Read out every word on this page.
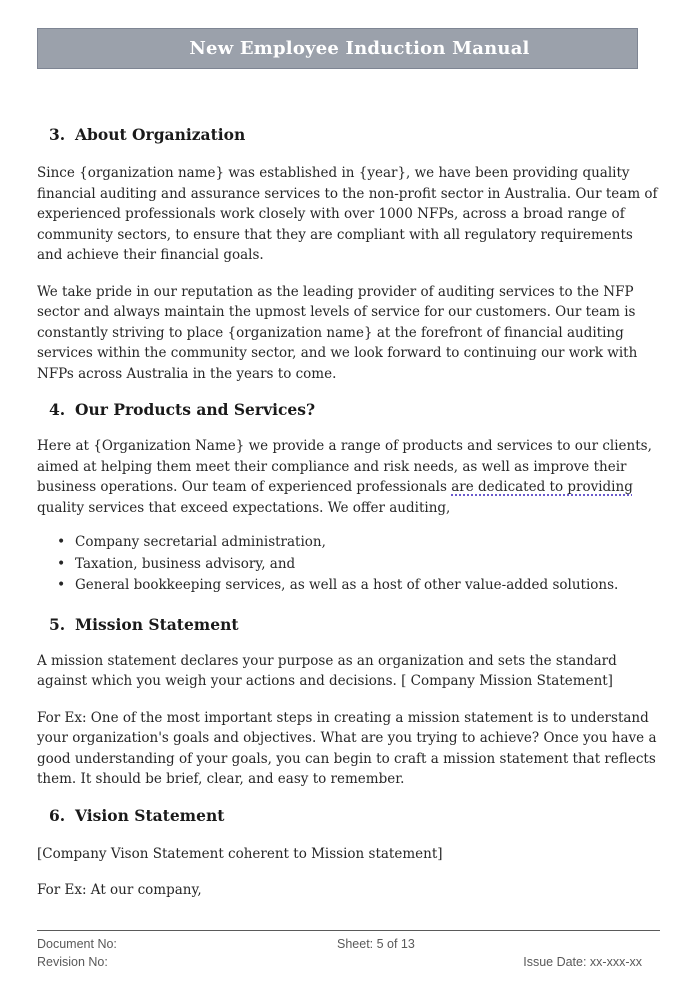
New Employee Induction Manual
3. About Organization

Since {organization name} was established in {year}, we have been providing quality financial auditing and assurance services to the non-profit sector in Australia. Our team of experienced professionals work closely with over 1000 NFPs, across a broad range of community sectors, to ensure that they are compliant with all regulatory requirements and achieve their financial goals.

We take pride in our reputation as the leading provider of auditing services to the NFP sector and always maintain the upmost levels of service for our customers. Our team is constantly striving to place {organization name} at the forefront of financial auditing services within the community sector, and we look forward to continuing our work with NFPs across Australia in the years to come.

4. Our Products and Services?

Here at {Organization Name} we provide a range of products and services to our clients, aimed at helping them meet their compliance and risk needs, as well as improve their business operations. Our team of experienced professionals are dedicated to providing quality services that exceed expectations. We offer auditing,

• Company secretarial administration,
• Taxation, business advisory, and
• General bookkeeping services, as well as a host of other value-added solutions.
5. Mission Statement

A mission statement declares your purpose as an organization and sets the standard against which you weigh your actions and decisions. [ Company Mission Statement]

For Ex: One of the most important steps in creating a mission statement is to understand your organization's goals and objectives. What are you trying to achieve? Once you have a good understanding of your goals, you can begin to craft a mission statement that reflects them. It should be brief, clear, and easy to remember.

6. Vision Statement

[Company Vison Statement coherent to Mission statement]

For Ex: At our company,

Document No:	Sheet: 5 of 13
Revision No:	Issue Date: xx-xxx-xx
